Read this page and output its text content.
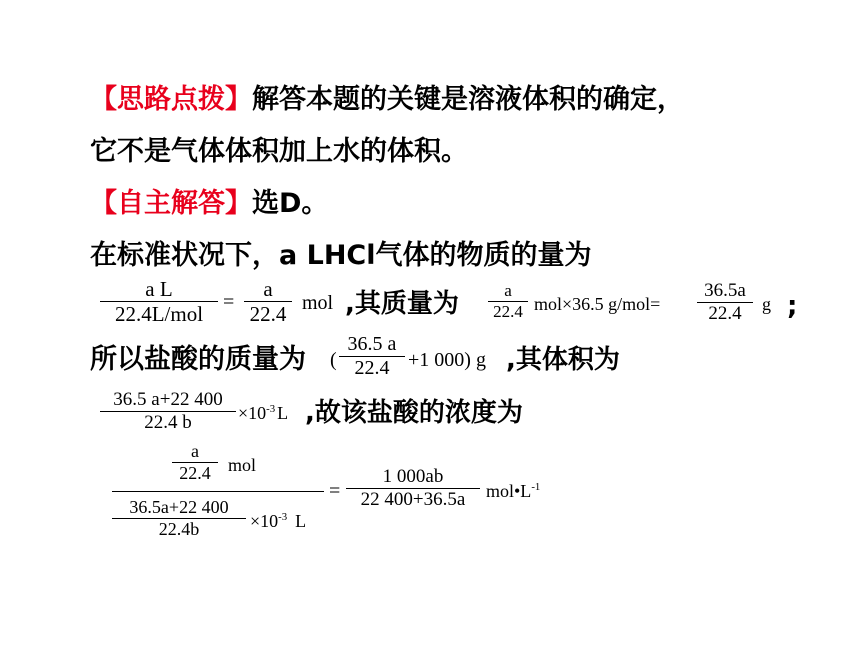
【思路点拨】解答本题的关键是溶液体积的确定，
它不是气体体积加上水的体积。
【自主解答】选D。
在标准状况下，a LHCl气体的物质的量为
a L
22.4L/mol
=
a
22.4 mol ,其质量为	a
22.4 mol×36.5 g/mol=
36.5a
22.4 g ;
所以盐酸的质量为 (
36.5 a
22.4 +1 000) g ,其体积为
36.5 a+22 400
22.4 b	$\times 10^{-3}$ L ,故该盐酸的浓度为
a
22.4 mol
36.5a+22 400
22.4b	$\times 10^{-3}$ L
=
1 000ab
22 400+36.5a $mol•L^{-1}$
